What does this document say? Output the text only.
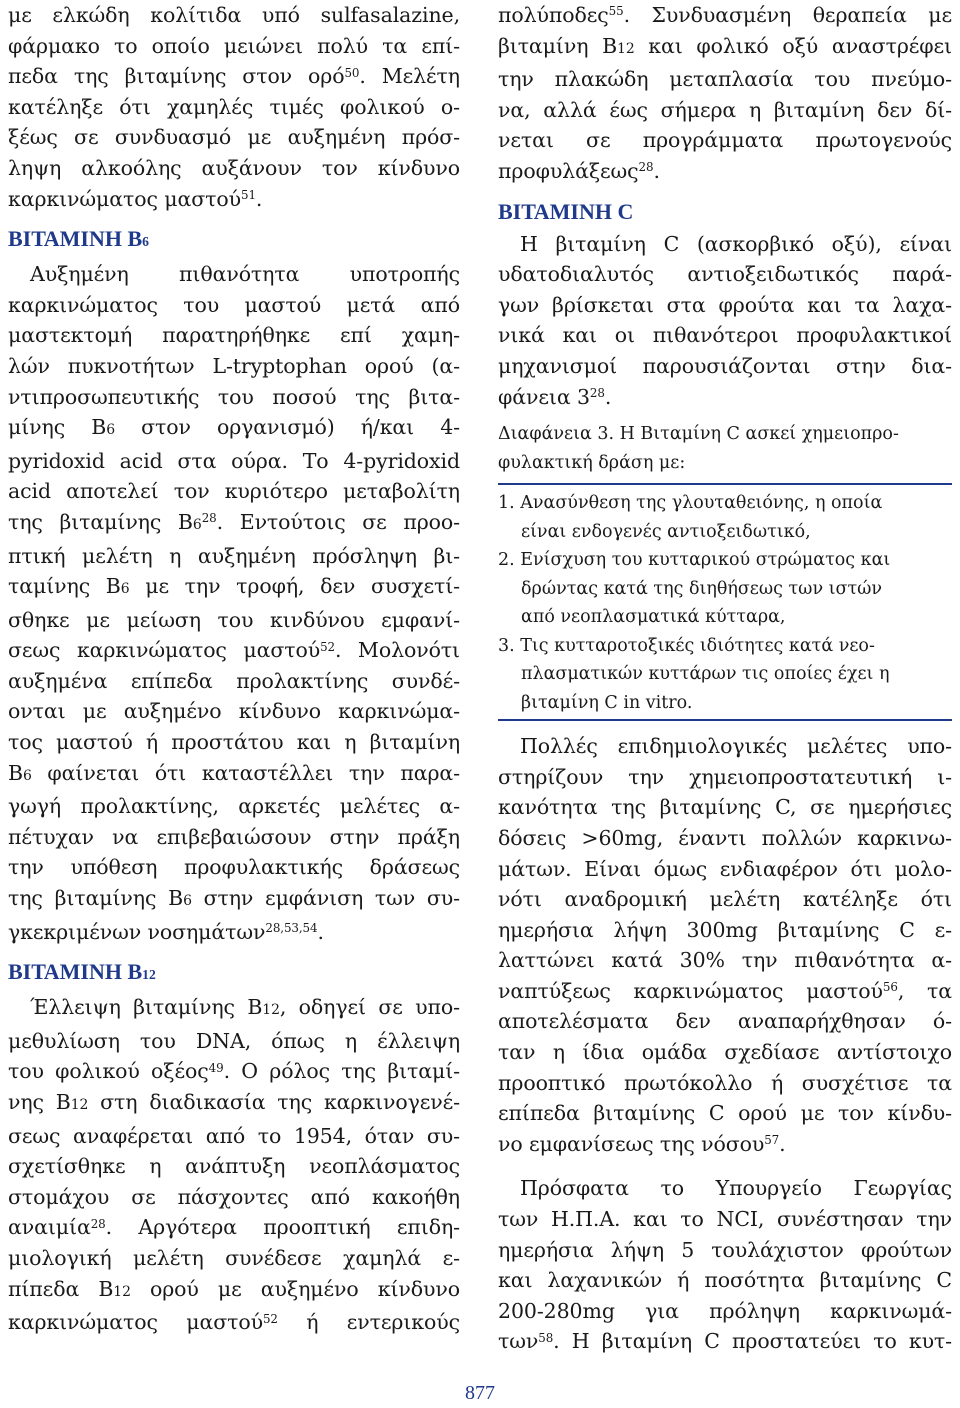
με ελκώδη κολίτιδα υπό sulfasalazine,
φάρμακο το οποίο μειώνει πολύ τα επί-
πεδα της βιταμίνης στον ορό$^{50}$. Μελέτη
κατέληξε ότι χαμηλές τιμές φολικού ο-
ξέως σε συνδυασμό με αυξημένη πρόσ-
ληψη αλκοόλης αυξάνουν τον κίνδυνο
καρκινώματος μαστού$^{51}$.
ΒΙΤΑΜΙΝΗ Β6
Αυξημένη πιθανότητα υποτροπής
καρκινώματος του μαστού μετά από
μαστεκτομή παρατηρήθηκε επί χαμη-
λών πυκνοτήτων L-tryptophan ορού (α-
ντιπροσωπευτικής του ποσού της βιτα-
μίνης Β6 στον οργανισμό) ή/και 4-
pyridoxid acid στα ούρα. Το 4-pyridoxid
acid αποτελεί τον κυριότερο μεταβολίτη
της βιταμίνης $B6^{28}$. Εντούτοις σε προο-
πτική μελέτη η αυξημένη πρόσληψη βι-
ταμίνης Β6 με την τροφή, δεν συσχετί-
σθηκε με μείωση του κινδύνου εμφανί-
σεως καρκινώματος μαστού$^{52}$. Μολονότι
αυξημένα επίπεδα προλακτίνης συνδέ-
ονται με αυξημένο κίνδυνο καρκινώμα-
τος μαστού ή προστάτου και η βιταμίνη
Β6 φαίνεται ότι καταστέλλει την παρα-
γωγή προλακτίνης, αρκετές μελέτες α-
πέτυχαν να επιβεβαιώσουν στην πράξη
την υπόθεση προφυλακτικής δράσεως
της βιταμίνης Β6 στην εμφάνιση των συ-
γκεκριμένων νοσημάτων$^{28,53,54}$.
ΒΙΤΑΜΙΝΗ Β12
Έλλειψη βιταμίνης Β12, οδηγεί σε υπο-
μεθυλίωση του DNA, όπως η έλλειψη
του φολικού οξέος$^{49}$. Ο ρόλος της βιταμί-
νης Β12 στη διαδικασία της καρκινογενέ-
σεως αναφέρεται από το 1954, όταν συ-
σχετίσθηκε η ανάπτυξη νεοπλάσματος
στομάχου σε πάσχοντες από κακοήθη
αναιμία$^{28}$. Αργότερα προοπτική επιδη-
μιολογική μελέτη συνέδεσε χαμηλά ε-
πίπεδα Β12 ορού με αυξημένο κίνδυνο
καρκινώματος μαστού$^{52}$ ή εντερικούς
πολύποδες$^{55}$. Συνδυασμένη θεραπεία με
βιταμίνη Β12 και φολικό οξύ αναστρέφει
την πλακώδη μεταπλασία του πνεύμο-
να, αλλά έως σήμερα η βιταμίνη δεν δί-
νεται σε προγράμματα πρωτογενούς
προφυλάξεως$^{28}$.
ΒΙΤΑΜΙΝΗ C
Η βιταμίνη C (ασκορβικό οξύ), είναι
υδατοδιαλυτός αντιοξειδωτικός παρά-
γων βρίσκεται στα φρούτα και τα λαχα-
νικά και οι πιθανότεροι προφυλακτικοί
μηχανισμοί παρουσιάζονται στην δια-
φάνεια $3^{28}$.
Διαφάνεια 3. Η Βιταμίνη C ασκεί χημειοπρο-
φυλακτική δράση με:
1. Ανασύνθεση της γλουταθειόνης, η οποία
είναι ενδογενές αντιοξειδωτικό,
2. Ενίσχυση του κυτταρικού στρώματος και
δρώντας κατά της διηθήσεως των ιστών
από νεοπλασματικά κύτταρα,
3. Τις κυτταροτοξικές ιδιότητες κατά νεο-
πλασματικών κυττάρων τις οποίες έχει η
βιταμίνη C in vitro.
Πολλές επιδημιολογικές μελέτες υπο-
στηρίζουν την χημειοπροστατευτική ι-
κανότητα της βιταμίνης C, σε ημερήσιες
δόσεις >60mg, έναντι πολλών καρκινω-
μάτων. Είναι όμως ενδιαφέρον ότι μολο-
νότι αναδρομική μελέτη κατέληξε ότι
ημερήσια λήψη 300mg βιταμίνης C ε-
λαττώνει κατά 30% την πιθανότητα α-
ναπτύξεως καρκινώματος μαστού$^{56}$, τα
αποτελέσματα δεν αναπαρήχθησαν ό-
ταν η ίδια ομάδα σχεδίασε αντίστοιχο
προοπτικό πρωτόκολλο ή συσχέτισε τα
επίπεδα βιταμίνης C ορού με τον κίνδυ-
νο εμφανίσεως της νόσου$^{57}$.
Πρόσφατα το Υπουργείο Γεωργίας
των Η.Π.Α. και το NCI, συνέστησαν την
ημερήσια λήψη 5 τουλάχιστον φρούτων
και λαχανικών ή ποσότητα βιταμίνης C
200-280mg για πρόληψη καρκινωμά-
των$^{58}$. Η βιταμίνη C προστατεύει το κυτ-
877
